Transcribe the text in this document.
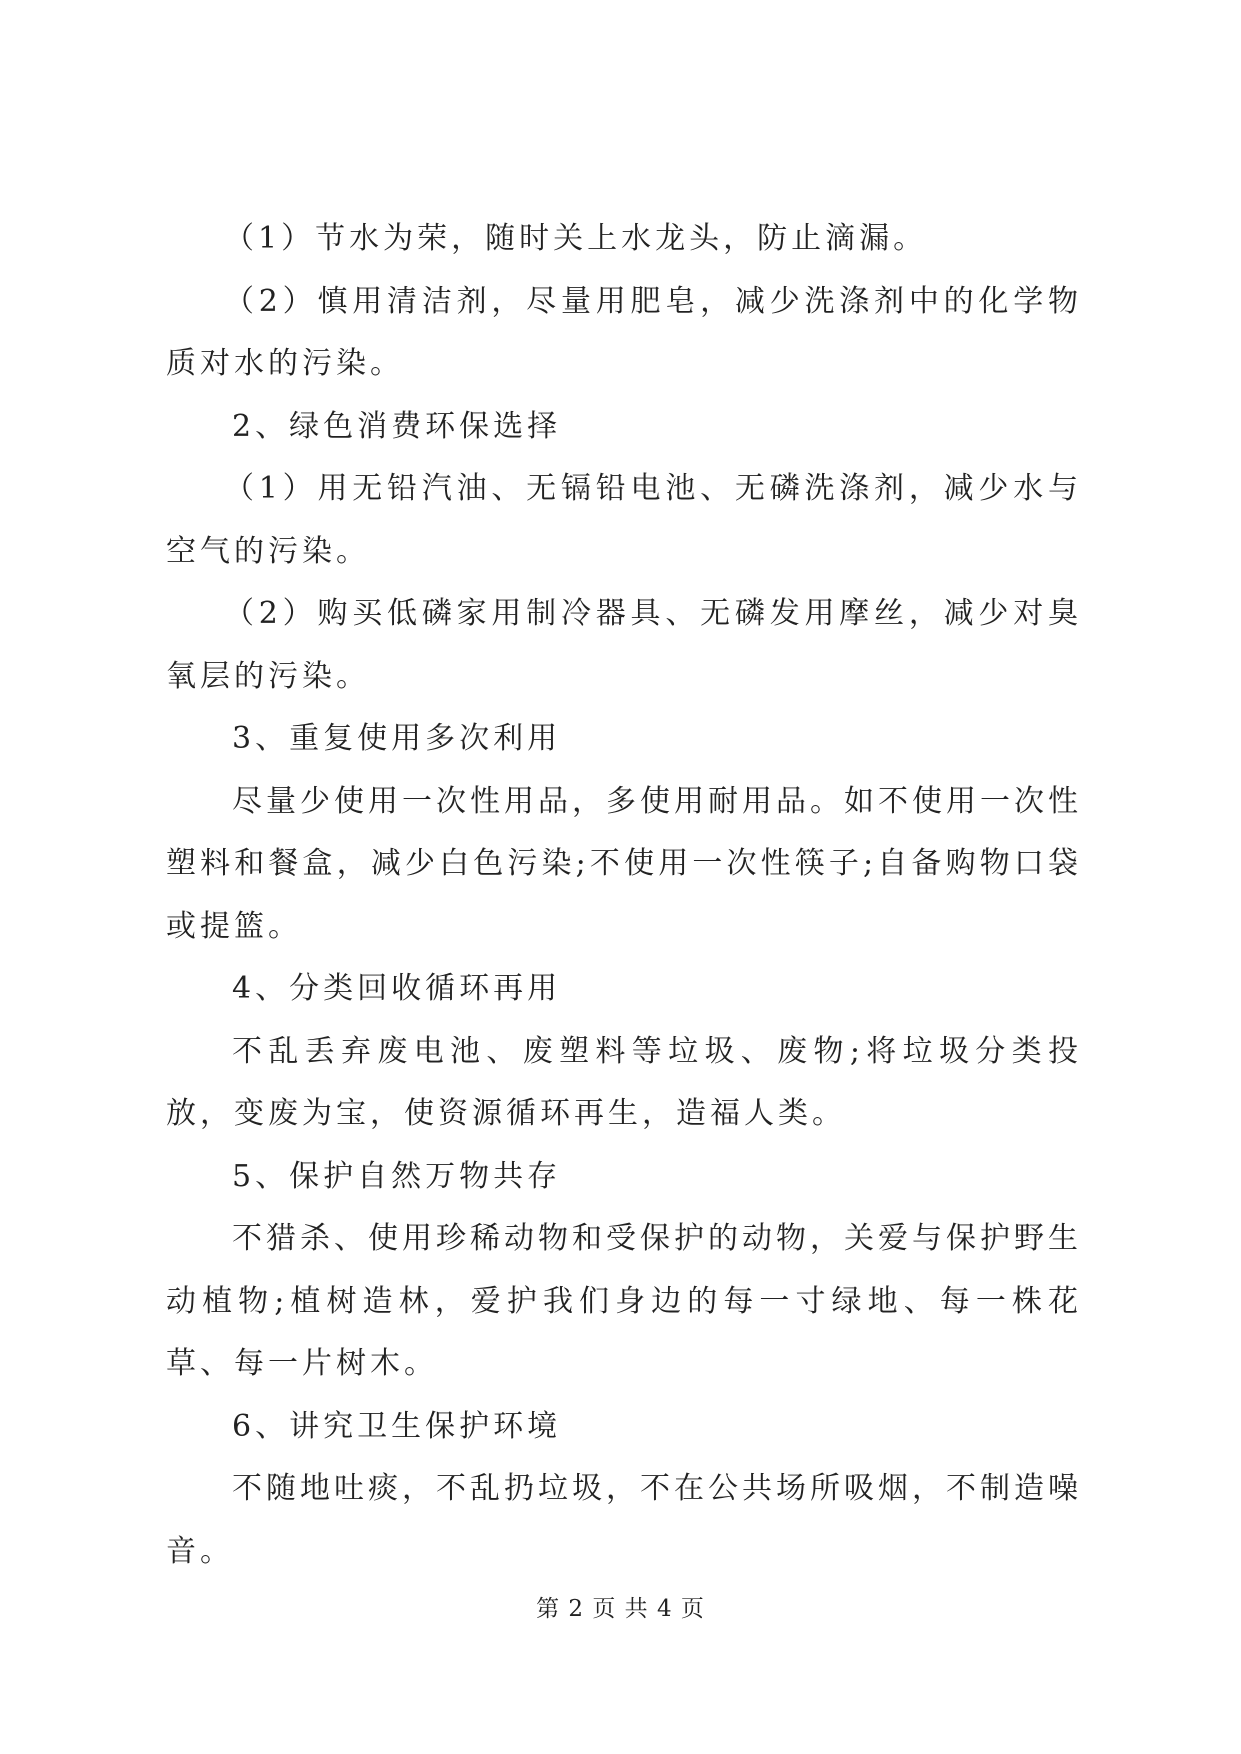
（1）节水为荣，随时关上水龙头，防止滴漏。

（2）慎用清洁剂，尽量用肥皂，减少洗涤剂中的化学物质对水的污染。

2、绿色消费环保选择

（1）用无铅汽油、无镉铅电池、无磷洗涤剂，减少水与空气的污染。

（2）购买低磷家用制冷器具、无磷发用摩丝，减少对臭氧层的污染。

3、重复使用多次利用

尽量少使用一次性用品，多使用耐用品。如不使用一次性塑料和餐盒，减少白色污染;不使用一次性筷子;自备购物口袋或提篮。

4、分类回收循环再用

不乱丢弃废电池、废塑料等垃圾、废物;将垃圾分类投放，变废为宝，使资源循环再生，造福人类。

5、保护自然万物共存

不猎杀、使用珍稀动物和受保护的动物，关爱与保护野生动植物;植树造林，爱护我们身边的每一寸绿地、每一株花草、每一片树木。

6、讲究卫生保护环境

不随地吐痰，不乱扔垃圾，不在公共场所吸烟，不制造噪音。

第 2 页 共 4 页
